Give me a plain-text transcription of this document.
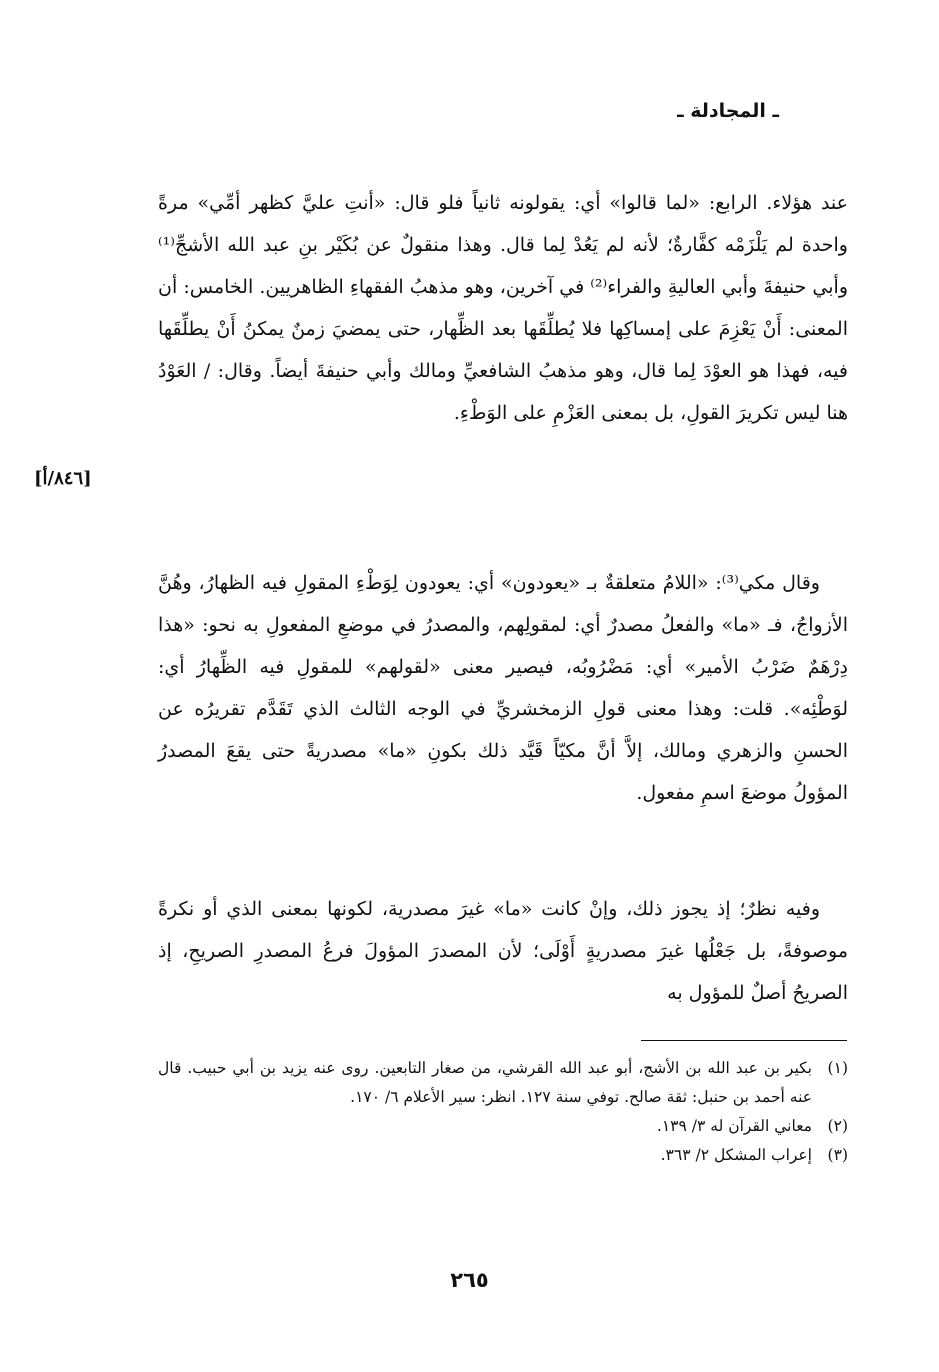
ـ المجادلة ـ

عند هؤلاء. الرابع: «لما قالوا» أي: يقولونه ثانياً فلو قال: «أنتِ عليَّ كظهر أمِّي» مرةً واحدة لم يَلْزَمْه كفَّارةٌ؛ لأنه لم يَعُدْ لِما قال. وهذا منقولٌ عن بُكَيْر بنِ عبد الله الأشجِّ⁽¹⁾ وأبي حنيفةَ وأبي العاليةِ والفراء⁽²⁾ في آخرين، وهو مذهبُ الفقهاءِ الظاهريين. الخامس: أن المعنى: أَنْ يَعْزِمَ على إمساكِها فلا يُطلِّقَها بعد الظِّهار، حتى يمضيَ زمنٌ يمكنُ أَنْ يطلِّقَها فيه، فهذا هو العوْدَ لِما قال، وهو مذهبُ الشافعيِّ ومالك وأبي حنيفةَ أيضاً. وقال: / العَوْدُ هنا ليس تكريرَ القولِ، بل بمعنى العَزْمِ على الوَطْءِ.

[٨٤٦/أ]

وقال مكي⁽³⁾: «اللامُ متعلقةٌ بـ «يعودون» أي: يعودون لِوَطْءِ المقولِ فيه الظهارُ، وهُنَّ الأزواجُ، فـ «ما» والفعلُ مصدرٌ أي: لمقولِهم، والمصدرُ في موضعِ المفعولِ به نحو: «هذا دِرْهَمٌ ضَرْبُ الأمير» أي: مَضْرُوبُه، فيصير معنى «لقولهم» للمقولِ فيه الظِّهارُ أي: لوَطْئِه». قلت: وهذا معنى قولِ الزمخشريِّ في الوجه الثالث الذي تَقَدَّم تقريرُه عن الحسنِ والزهري ومالك، إلاَّ أنَّ مكيّاً قَيَّد ذلك بكونِ «ما» مصدريةً حتى يقعَ المصدرُ المؤولُ موضعَ اسمِ مفعول.

وفيه نظرٌ؛ إذ يجوز ذلك، وإنْ كانت «ما» غيرَ مصدرية، لكونها بمعنى الذي أو نكرةً موصوفةً، بل جَعْلُها غيرَ مصدريةٍ أَوْلَى؛ لأن المصدرَ المؤولَ فرعُ المصدرِ الصريحِ، إذ الصريحُ أصلٌ للمؤول به

(١)
بكير بن عبد الله بن الأشج، أبو عبد الله القرشي، من صغار التابعين. روى عنه يزيد بن أبي حبيب. قال عنه أحمد بن حنبل: ثقة صالح. توفي سنة ١٢٧. انظر: سير الأعلام ٦/ ١٧٠.
(٢)
معاني القرآن له ٣/ ١٣٩.
(٣)
إعراب المشكل ٢/ ٣٦٣.
٢٦٥
